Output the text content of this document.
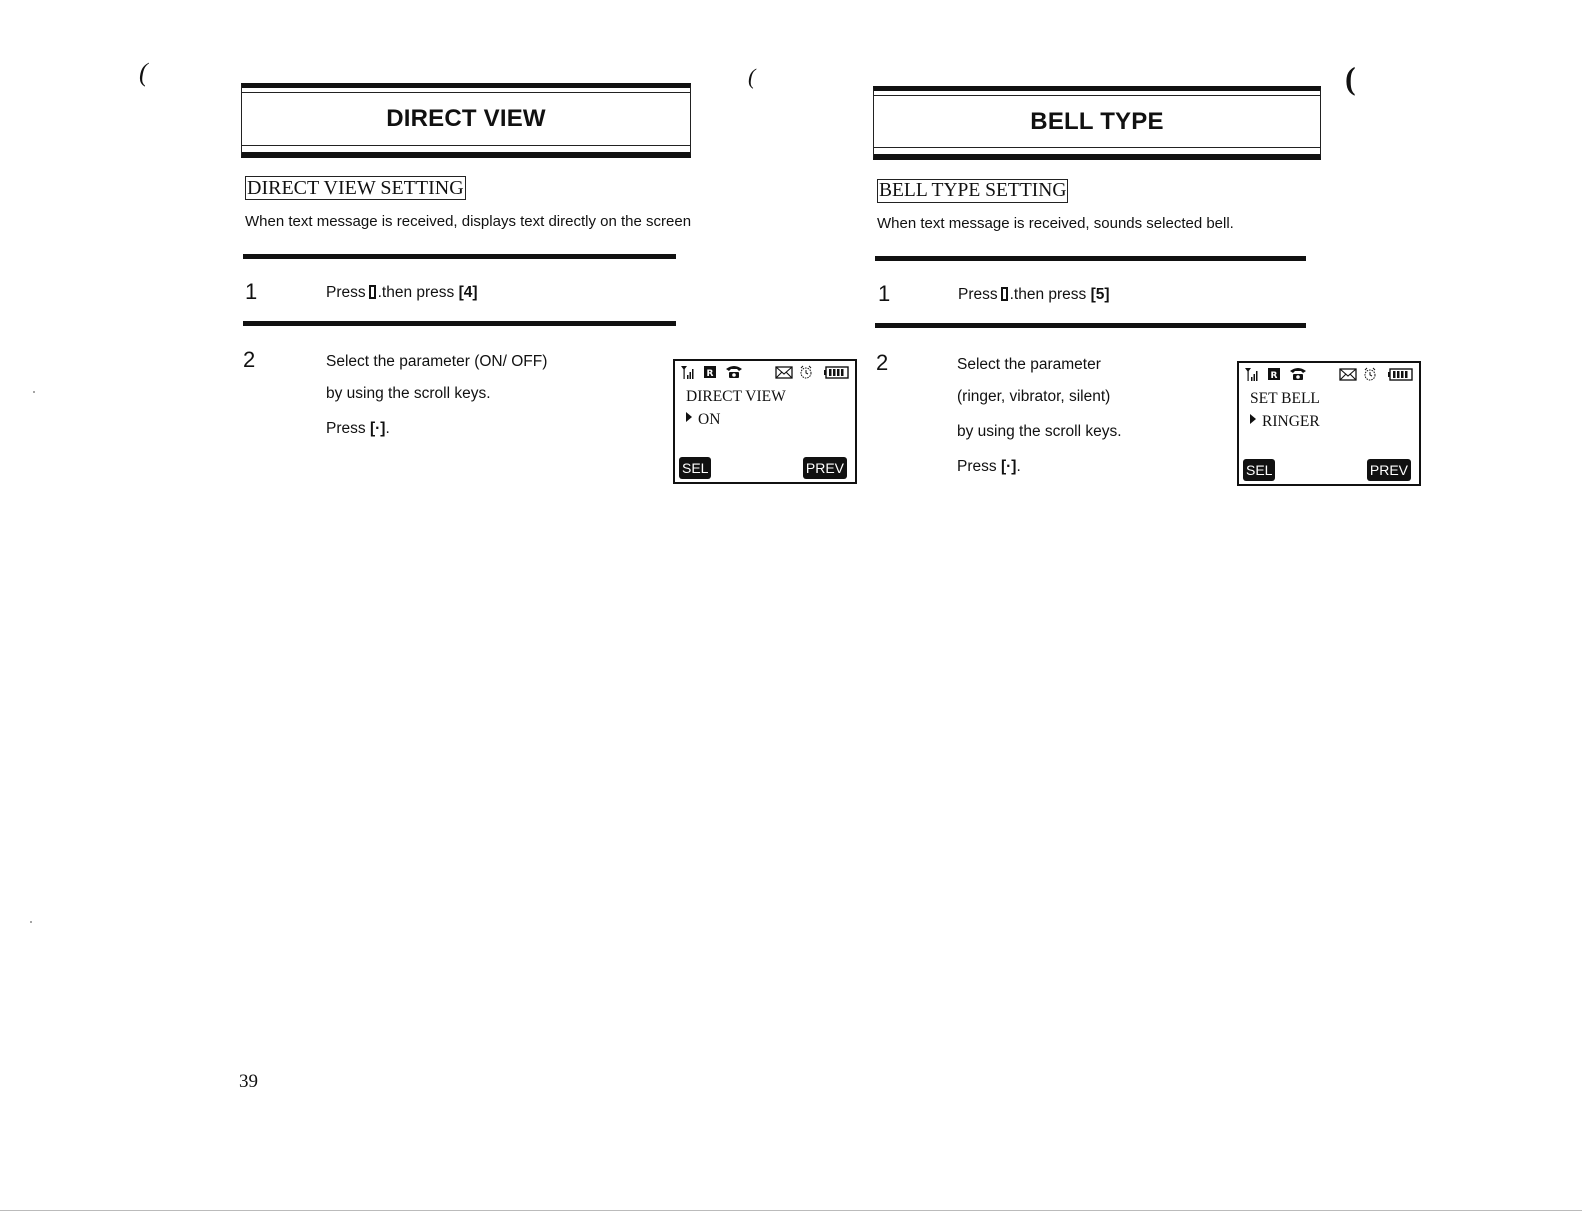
(	(	(
DIRECT VIEW
DIRECT VIEW SETTING
When text message is received, displays text directly on the screen
1	Press .then press [4]
2	Select the parameter (ON/ OFF)
by using the scroll keys.
Press [·].
R
DIRECT VIEW
ON
SEL	PREV
BELL TYPE
BELL TYPE SETTING
When text message is received, sounds selected bell.
1	Press .then press [5]
2	Select the parameter
(ringer, vibrator, silent)
by using the scroll keys.
Press [·].
R
SET BELL
RINGER
SEL	PREV
39
